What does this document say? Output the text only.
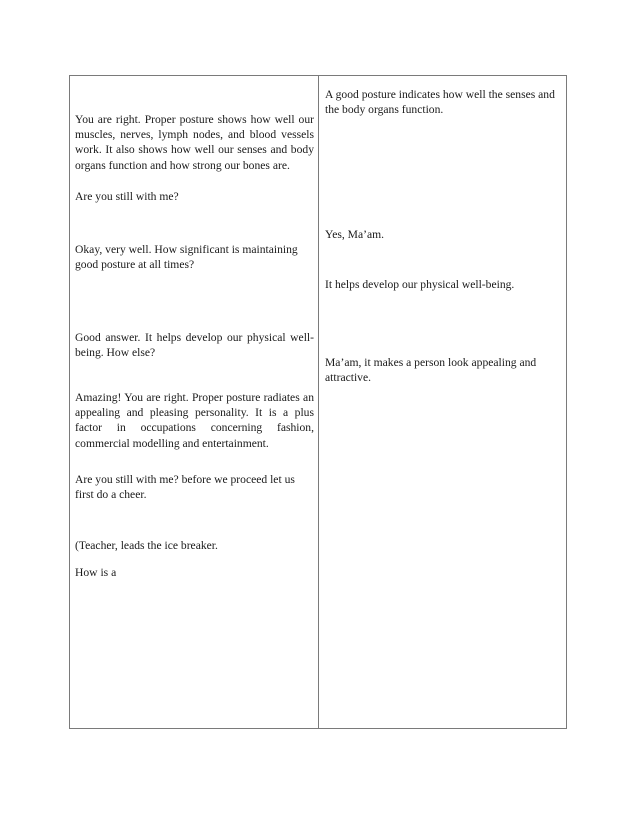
You are right. Proper posture shows how well our muscles, nerves, lymph nodes, and blood vessels work. It also shows how well our senses and body organs function and how strong our bones are.

Are you still with me?

Okay, very well. How significant is maintaining good posture at all times?

Good answer. It helps develop our physical well-being. How else?

Amazing! You are right. Proper posture radiates an appealing and pleasing personality. It is a plus factor in occupations concerning fashion, commercial modelling and entertainment.

Are you still with me? before we proceed let us first do a cheer.

(Teacher, leads the ice breaker.

How is a

A good posture indicates how well the senses and the body organs function.

Yes, Ma’am.

It helps develop our physical well-being.

Ma’am, it makes a person look appealing and attractive.
